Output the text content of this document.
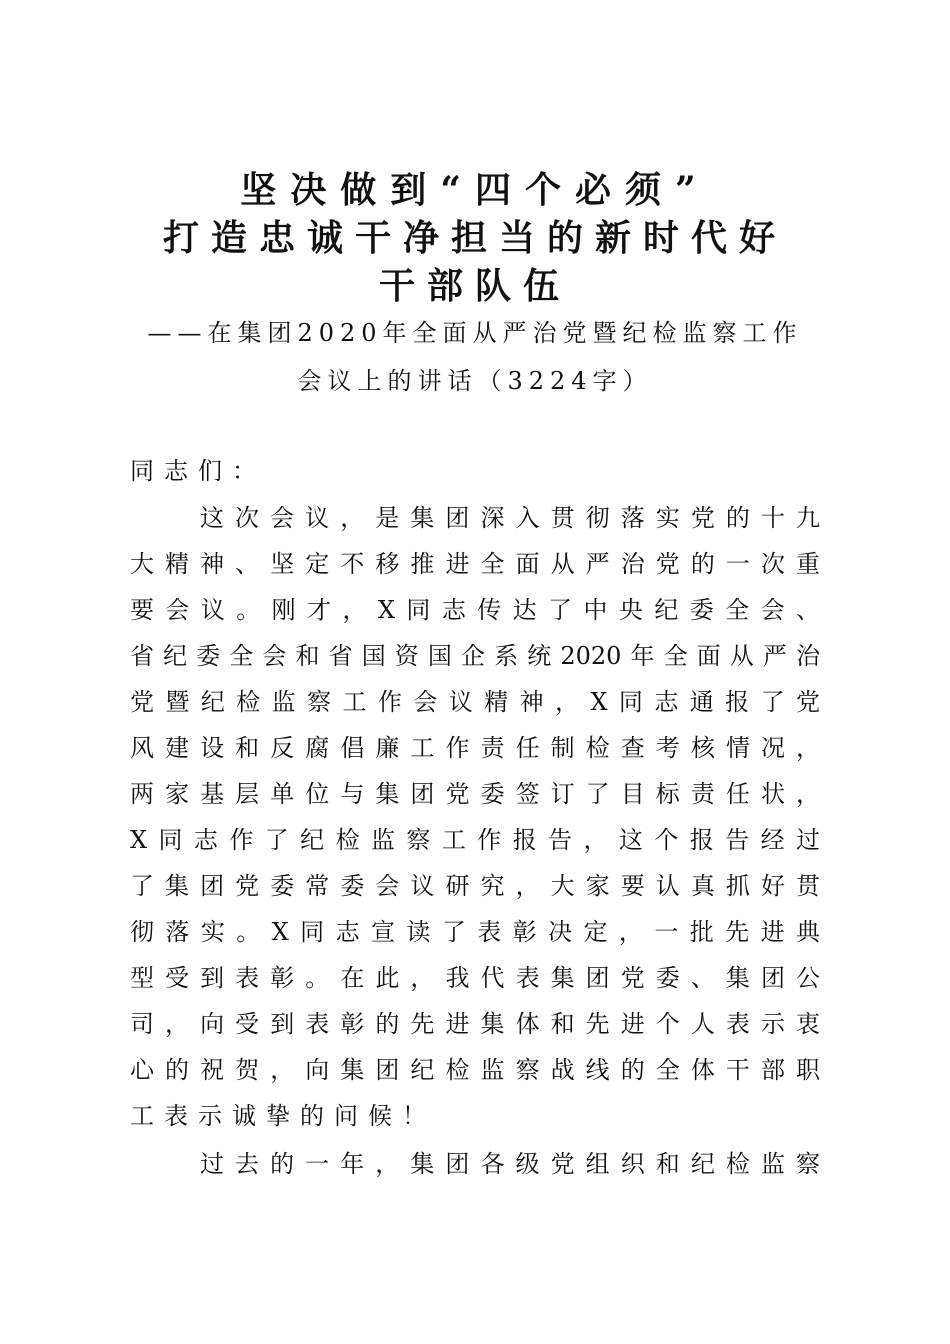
坚决做到“四个必须”
打造忠诚干净担当的新时代好
干部队伍
——在集团2020年全面从严治党暨纪检监察工作
会议上的讲话（3224字）
同志们：
这次会议，是集团深入贯彻落实党的十九
大精神、坚定不移推进全面从严治党的一次重
要会议。刚才，X同志传达了中央纪委全会、
省纪委全会和省国资国企系统2020年全面从严治
党暨纪检监察工作会议精神，X同志通报了党
风建设和反腐倡廉工作责任制检查考核情况，
两家基层单位与集团党委签订了目标责任状，
X同志作了纪检监察工作报告，这个报告经过
了集团党委常委会议研究，大家要认真抓好贯
彻落实。X同志宣读了表彰决定，一批先进典
型受到表彰。在此，我代表集团党委、集团公
司，向受到表彰的先进集体和先进个人表示衷
心的祝贺，向集团纪检监察战线的全体干部职
工表示诚挚的问候！
过去的一年，集团各级党组织和纪检监察
